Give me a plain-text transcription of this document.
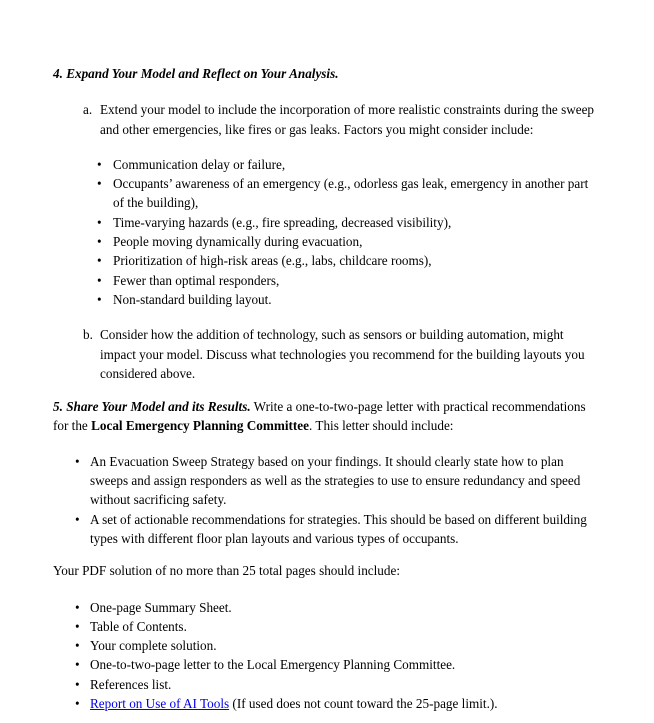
4. Expand Your Model and Reflect on Your Analysis.
a. Extend your model to include the incorporation of more realistic constraints during the sweep and other emergencies, like fires or gas leaks. Factors you might consider include:
• Communication delay or failure,
• Occupants’ awareness of an emergency (e.g., odorless gas leak, emergency in another part of the building),
• Time-varying hazards (e.g., fire spreading, decreased visibility),
• People moving dynamically during evacuation,
• Prioritization of high-risk areas (e.g., labs, childcare rooms),
• Fewer than optimal responders,
• Non-standard building layout.
b. Consider how the addition of technology, such as sensors or building automation, might impact your model. Discuss what technologies you recommend for the building layouts you considered above.
5. Share Your Model and its Results. Write a one-to-two-page letter with practical recommendations for the Local Emergency Planning Committee. This letter should include:
• An Evacuation Sweep Strategy based on your findings. It should clearly state how to plan sweeps and assign responders as well as the strategies to use to ensure redundancy and speed without sacrificing safety.
• A set of actionable recommendations for strategies. This should be based on different building types with different floor plan layouts and various types of occupants.
Your PDF solution of no more than 25 total pages should include:
• One-page Summary Sheet.
• Table of Contents.
• Your complete solution.
• One-to-two-page letter to the Local Emergency Planning Committee.
• References list.
• Report on Use of AI Tools (If used does not count toward the 25-page limit.).
